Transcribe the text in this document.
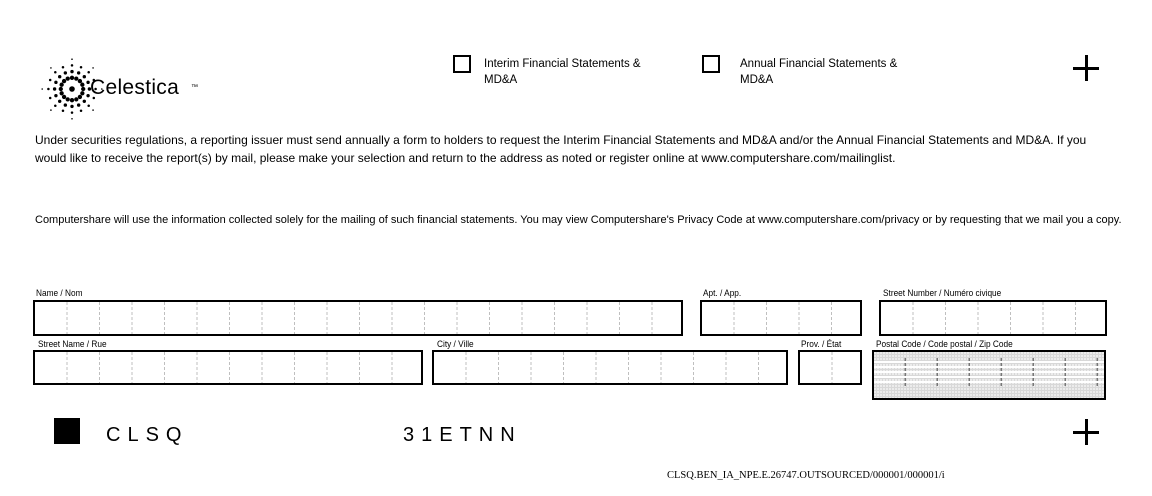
Celestica ™
Interim Financial Statements & MD&A
Annual Financial Statements & MD&A
Under securities regulations, a reporting issuer must send annually a form to holders to request the Interim Financial Statements and MD&A and/or the Annual Financial Statements and MD&A. If you would like to receive the report(s) by mail, please make your selection and return to the address as noted or register online at www.computershare.com/mailinglist.
Computershare will use the information collected solely for the mailing of such financial statements. You may view Computershare's Privacy Code at www.computershare.com/privacy or by requesting that we mail you a copy.
Name / Nom	Apt. / App.	Street Number / Numéro civique
Street Name / Rue	City / Ville	Prov. / État	Postal Code / Code postal / Zip Code
CLSQ	31ETNN
CLSQ.BEN_IA_NPE.E.26747.OUTSOURCED/000001/000001/i
